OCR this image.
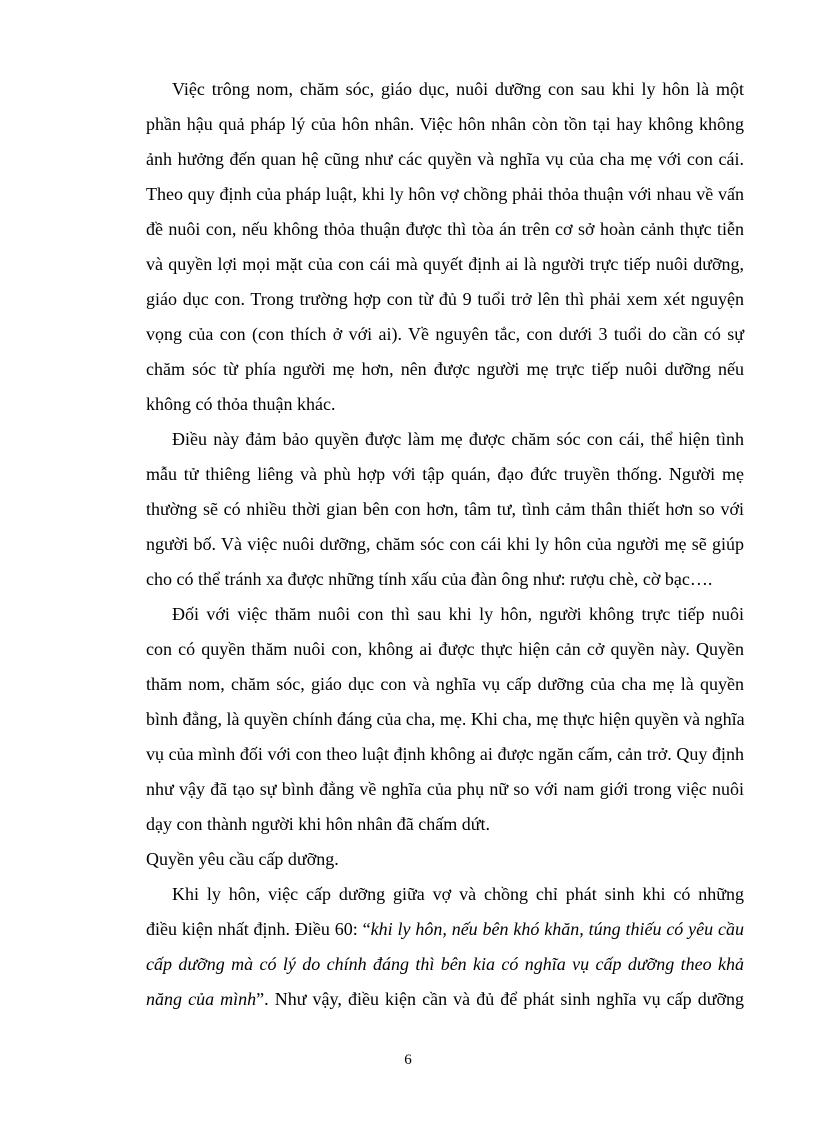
Việc trông nom, chăm sóc, giáo dục, nuôi dưỡng con sau khi ly hôn là một
phần hậu quả pháp lý của hôn nhân. Việc hôn nhân còn tồn tại hay không không
ảnh hưởng đến quan hệ cũng như các quyền và nghĩa vụ của cha mẹ với con cái.
Theo quy định của pháp luật, khi ly hôn vợ chồng phải thỏa thuận với nhau về vấn
đề nuôi con, nếu không thỏa thuận được thì tòa án trên cơ sở hoàn cảnh thực tiễn
và quyền lợi mọi mặt của con cái mà quyết định ai là người trực tiếp nuôi dưỡng,
giáo dục con. Trong trường hợp con từ đủ 9 tuổi trở lên thì phải xem xét nguyện
vọng của con (con thích ở với ai). Về nguyên tắc, con dưới 3 tuổi do cần có sự
chăm sóc từ phía người mẹ hơn, nên được người mẹ trực tiếp nuôi dưỡng nếu
không có thỏa thuận khác.
Điều này đảm bảo quyền được làm mẹ được chăm sóc con cái, thể hiện tình
mẫu tử thiêng liêng và phù hợp với tập quán, đạo đức truyền thống. Người mẹ
thường sẽ có nhiều thời gian bên con hơn, tâm tư, tình cảm thân thiết hơn so với
người bố. Và việc nuôi dưỡng, chăm sóc con cái khi ly hôn của người mẹ sẽ giúp
cho có thể tránh xa được những tính xấu của đàn ông như: rượu chè, cờ bạc….
Đối với việc thăm nuôi con thì sau khi ly hôn, người không trực tiếp nuôi
con có quyền thăm nuôi con, không ai được thực hiện cản cở quyền này. Quyền
thăm nom, chăm sóc, giáo dục con và nghĩa vụ cấp dưỡng của cha mẹ là quyền
bình đẳng, là quyền chính đáng của cha, mẹ. Khi cha, mẹ thực hiện quyền và nghĩa
vụ của mình đối với con theo luật định không ai được ngăn cấm, cản trở. Quy định
như vậy đã tạo sự bình đẳng về nghĩa của phụ nữ so với nam giới trong việc nuôi
dạy con thành người khi hôn nhân đã chấm dứt.
Quyền yêu cầu cấp dưỡng.
Khi ly hôn, việc cấp dưỡng giữa vợ và chồng chỉ phát sinh khi có những
điều kiện nhất định. Điều 60: “khi ly hôn, nếu bên khó khăn, túng thiếu có yêu cầu
cấp dưỡng mà có lý do chính đáng thì bên kia có nghĩa vụ cấp dưỡng theo khả
năng của mình”. Như vậy, điều kiện cần và đủ để phát sinh nghĩa vụ cấp dưỡng
6
